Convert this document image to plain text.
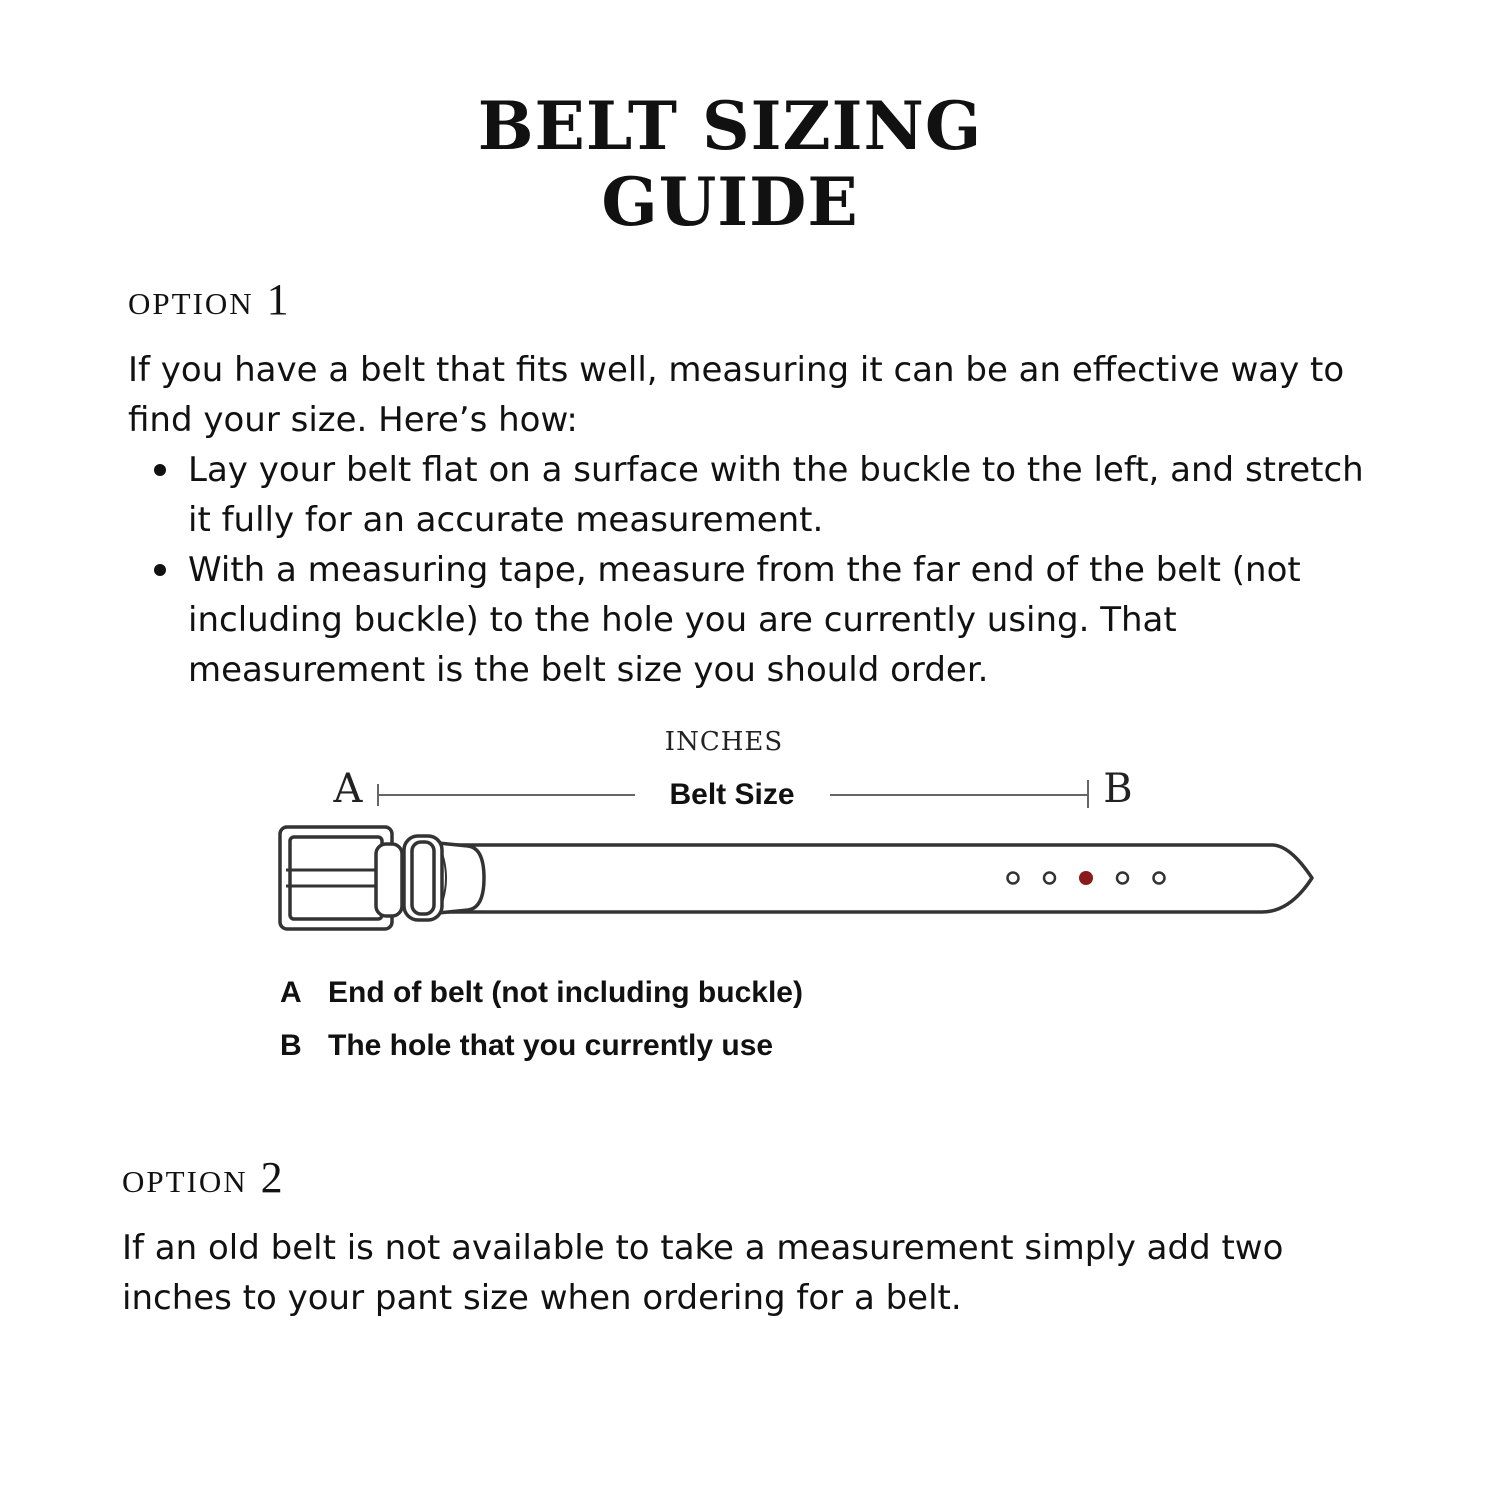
BELT SIZING
GUIDE
option 1

If you have a belt that fits well, measuring it can be an effective way to find your size. Here’s how:

Lay your belt flat on a surface with the buckle to the left, and stretch it fully for an accurate measurement.
With a measuring tape, measure from the far end of the belt (not including buckle) to the hole you are currently using. That measurement is the belt size you should order.
INCHES
A	B
Belt Size
A End of belt (not including buckle)
B The hole that you currently use
option 2

If an old belt is not available to take a measurement simply add two inches to your pant size when ordering for a belt.
